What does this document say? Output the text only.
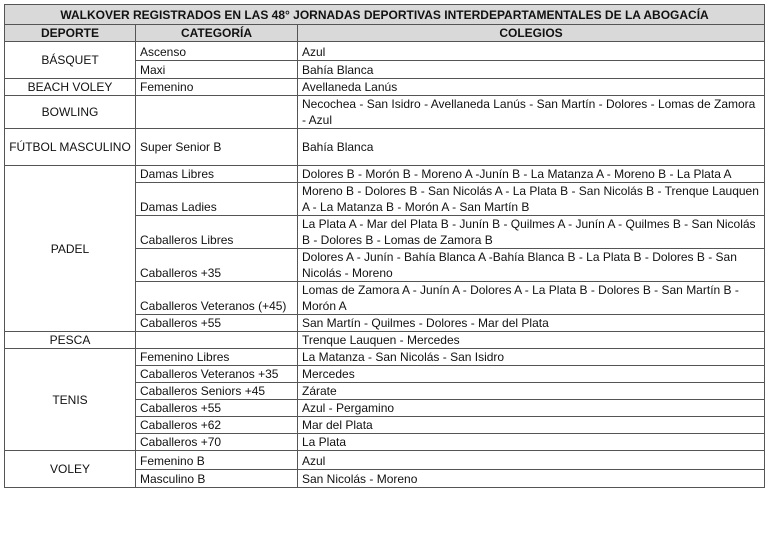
WALKOVER REGISTRADOS EN LAS 48° JORNADAS DEPORTIVAS INTERDEPARTAMENTALES DE LA ABOGACÍA		
DEPORTE	CATEGORÍA	COLEGIOS
BÁSQUET	Ascenso	Azul
	Maxi	Bahía Blanca
BEACH VOLEY	Femenino	Avellaneda Lanús
BOWLING		Necochea - San Isidro - Avellaneda Lanús - San Martín - Dolores - Lomas de Zamora - Azul
FÚTBOL MASCULINO	Super Senior B	Bahía Blanca
PADEL	Damas Libres	Dolores B - Morón B - Moreno A -Junín B - La Matanza A - Moreno B - La Plata A
	Damas Ladies	Moreno B - Dolores B - San Nicolás A - La Plata B - San Nicolás B - Trenque Lauquen A - La Matanza B - Morón A - San Martín B
	Caballeros Libres	La Plata A - Mar del Plata B - Junín B - Quilmes A - Junín A - Quilmes B - San Nicolás B - Dolores B - Lomas de Zamora B
	Caballeros +35	Dolores A - Junín - Bahía Blanca A -Bahía Blanca B - La Plata B - Dolores B - San Nicolás - Moreno
	Caballeros Veteranos (+45)	Lomas de Zamora A - Junín A - Dolores A - La Plata B - Dolores B - San Martín B - Morón A
	Caballeros +55	San Martín - Quilmes - Dolores - Mar del Plata
PESCA		Trenque Lauquen - Mercedes
TENIS	Femenino Libres	La Matanza - San Nicolás - San Isidro
	Caballeros Veteranos +35	Mercedes
	Caballeros Seniors +45	Zárate
	Caballeros +55	Azul - Pergamino
	Caballeros +62	Mar del Plata
	Caballeros +70	La Plata
VOLEY	Femenino B	Azul
	Masculino B	San Nicolás - Moreno
